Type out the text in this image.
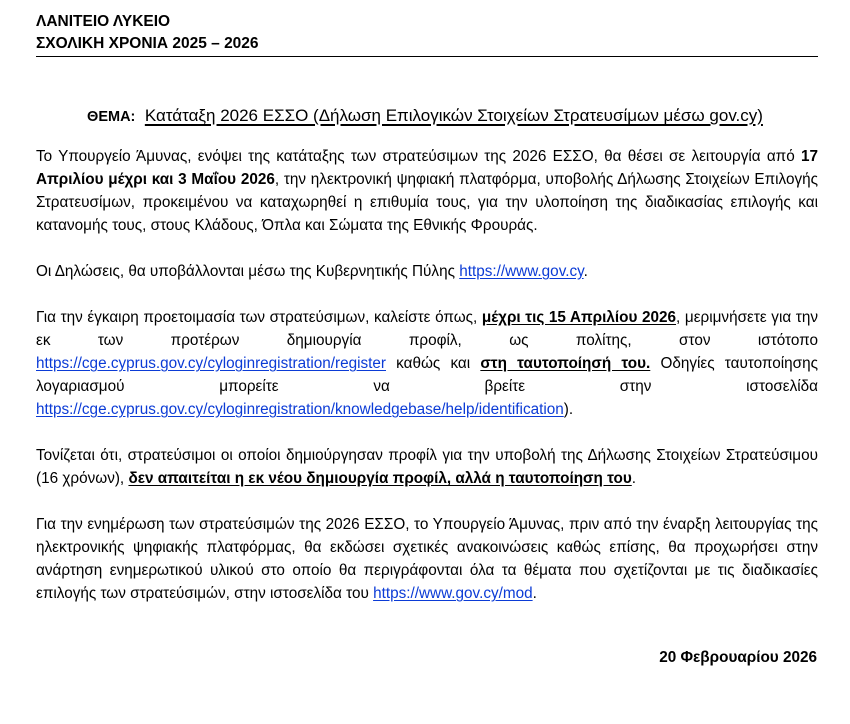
ΛΑΝΙΤΕΙΟ ΛΥΚΕΙΟ
ΣΧΟΛΙΚΗ ΧΡΟΝΙΑ 2025 – 2026
ΘΕΜΑ: Κατάταξη 2026 ΕΣΣΟ (Δήλωση Επιλογικών Στοιχείων Στρατευσίμων μέσω gov.cy)

Το Υπουργείο Άμυνας, ενόψει της κατάταξης των στρατεύσιμων της 2026 ΕΣΣΟ, θα θέσει σε λειτουργία από 17 Απριλίου μέχρι και 3 Μαΐου 2026, την ηλεκτρονική ψηφιακή πλατφόρμα, υποβολής Δήλωσης Στοιχείων Επιλογής Στρατευσίμων, προκειμένου να καταχωρηθεί η επιθυμία τους, για την υλοποίηση της διαδικασίας επιλογής και κατανομής τους, στους Κλάδους, Όπλα και Σώματα της Εθνικής Φρουράς.

Οι Δηλώσεις, θα υποβάλλονται μέσω της Κυβερνητικής Πύλης https://www.gov.cy.

Για την έγκαιρη προετοιμασία των στρατεύσιμων, καλείστε όπως, μέχρι τις 15 Απριλίου 2026, μεριμνήσετε για την εκ των προτέρων δημιουργία προφίλ, ως πολίτης, στον ιστότοπο https://cge.cyprus.gov.cy/cyloginregistration/register καθώς και στη ταυτοποίησή του. Οδηγίες ταυτοποίησης λογαριασμού μπορείτε να βρείτε στην ιστοσελίδα https://cge.cyprus.gov.cy/cyloginregistration/knowledgebase/help/identification).

Τονίζεται ότι, στρατεύσιμοι οι οποίοι δημιούργησαν προφίλ για την υποβολή της Δήλωσης Στοιχείων Στρατεύσιμου (16 χρόνων), δεν απαιτείται η εκ νέου δημιουργία προφίλ, αλλά η ταυτοποίηση του.

Για την ενημέρωση των στρατεύσιμών της 2026 ΕΣΣΟ, το Υπουργείο Άμυνας, πριν από την έναρξη λειτουργίας της ηλεκτρονικής ψηφιακής πλατφόρμας, θα εκδώσει σχετικές ανακοινώσεις καθώς επίσης, θα προχωρήσει στην ανάρτηση ενημερωτικού υλικού στο οποίο θα περιγράφονται όλα τα θέματα που σχετίζονται με τις διαδικασίες επιλογής των στρατεύσιμών, στην ιστοσελίδα του https://www.gov.cy/mod.

20 Φεβρουαρίου 2026
